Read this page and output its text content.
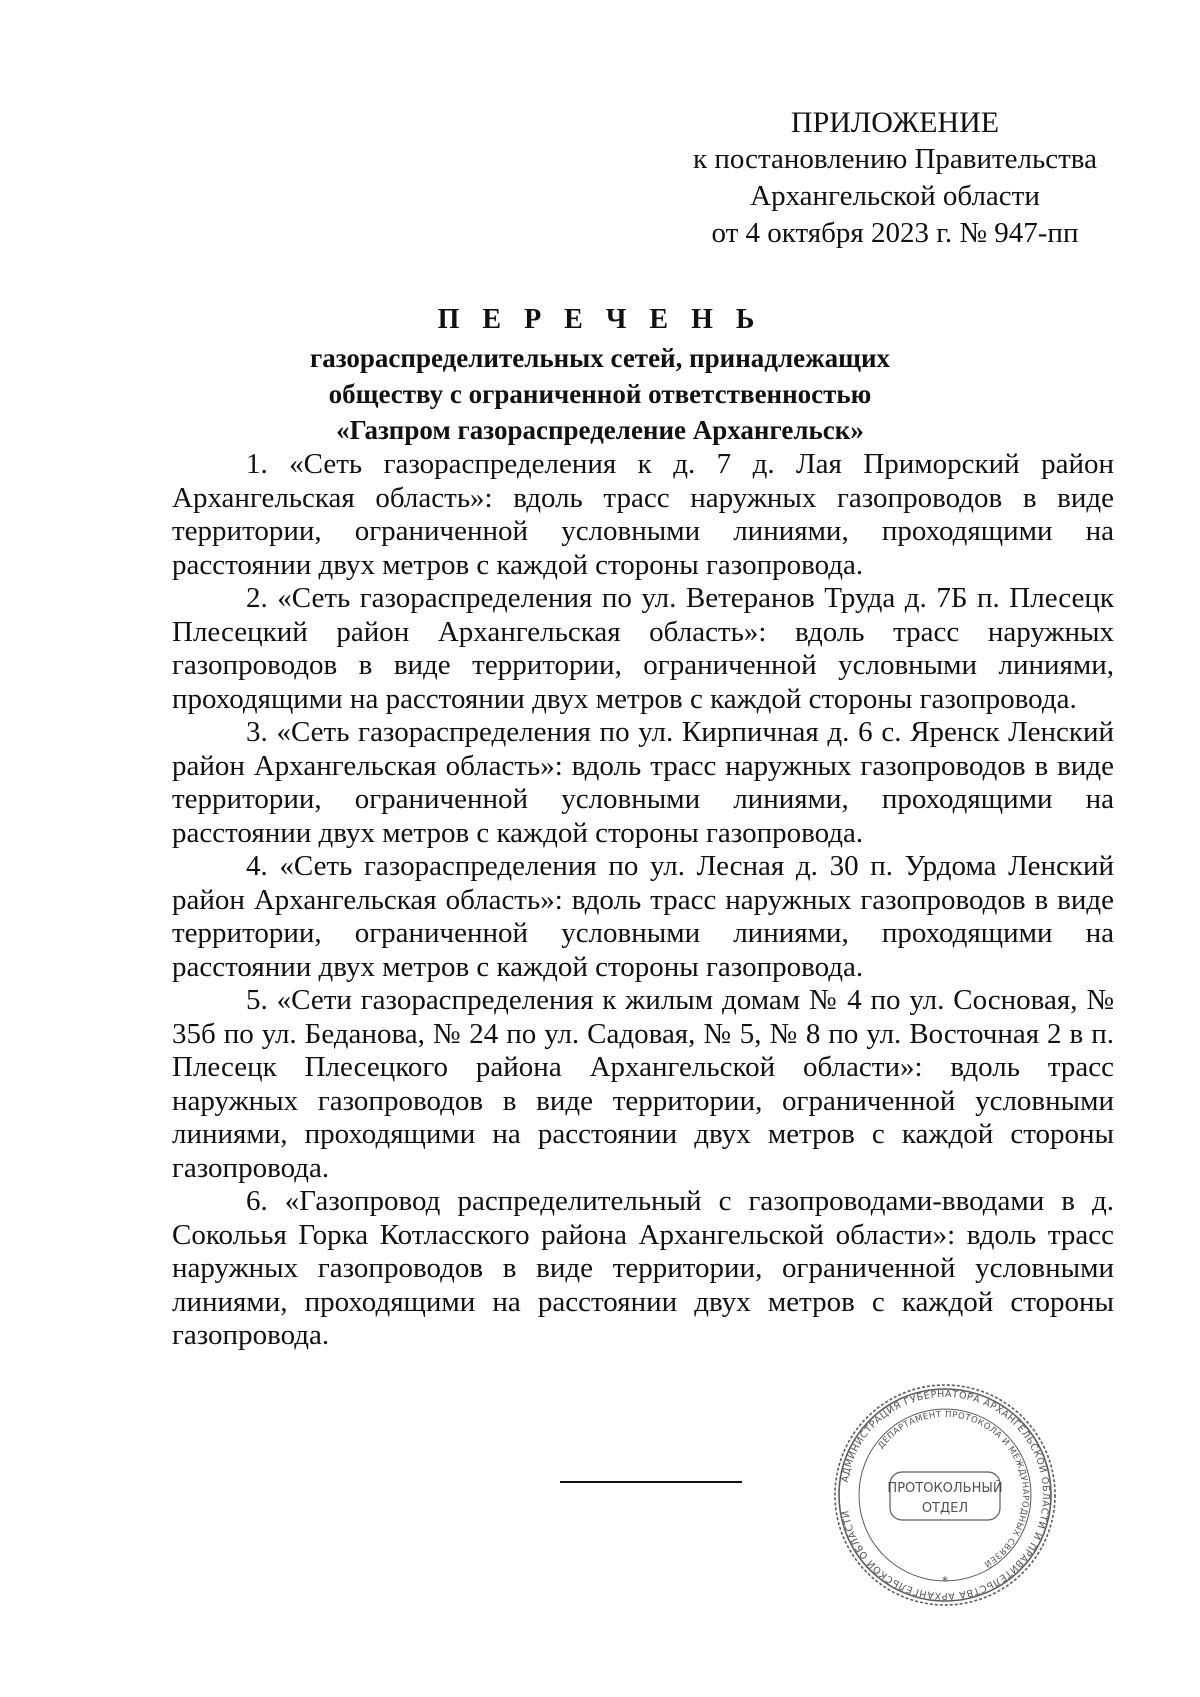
ПРИЛОЖЕНИЕ
к постановлению Правительства
Архангельской области
от 4 октября 2023 г. № 947-пп
П Е Р Е Ч Е Н Ь
газораспределительных сетей, принадлежащих
обществу с ограниченной ответственностью
«Газпром газораспределение Архангельск»

1. «Сеть газораспределения к д. 7 д. Лая Приморский район Архангельская область»: вдоль трасс наружных газопроводов в виде территории, ограниченной условными линиями, проходящими на расстоянии двух метров с каждой стороны газопровода.

2. «Сеть газораспределения по ул. Ветеранов Труда д. 7Б п. Плесецк Плесецкий район Архангельская область»: вдоль трасс наружных газопроводов в виде территории, ограниченной условными линиями, проходящими на расстоянии двух метров с каждой стороны газопровода.

3. «Сеть газораспределения по ул. Кирпичная д. 6 с. Яренск Ленский район Архангельская область»: вдоль трасс наружных газопроводов в виде территории, ограниченной условными линиями, проходящими на расстоянии двух метров с каждой стороны газопровода.

4. «Сеть газораспределения по ул. Лесная д. 30 п. Урдома Ленский район Архангельская область»: вдоль трасс наружных газопроводов в виде территории, ограниченной условными линиями, проходящими на расстоянии двух метров с каждой стороны газопровода.

5. «Сети газораспределения к жилым домам № 4 по ул. Сосновая, № 35б по ул. Беданова, № 24 по ул. Садовая, № 5, № 8 по ул. Восточная 2 в п. Плесецк Плесецкого района Архангельской области»: вдоль трасс наружных газопроводов в виде территории, ограниченной условными линиями, проходящими на расстоянии двух метров с каждой стороны газопровода.

6. «Газопровод распределительный с газопроводами-вводами в д. Сокольья Горка Котласского района Архангельской области»: вдоль трасс наружных газопроводов в виде территории, ограниченной условными линиями, проходящими на расстоянии двух метров с каждой стороны газопровода.

АДМИНИСТРАЦИЯ ГУБЕРНАТОРА АРХАНГЕЛЬСКОЙ ОБЛАСТИ И ПРАВИТЕЛЬСТВА АРХАНГЕЛЬСКОЙ ОБЛАСТИ
ДЕПАРТАМЕНТ ПРОТОКОЛА И МЕЖДУНАРОДНЫХ СВЯЗЕЙ
ПРОТОКОЛЬНЫЙ
ОТДЕЛ
*
